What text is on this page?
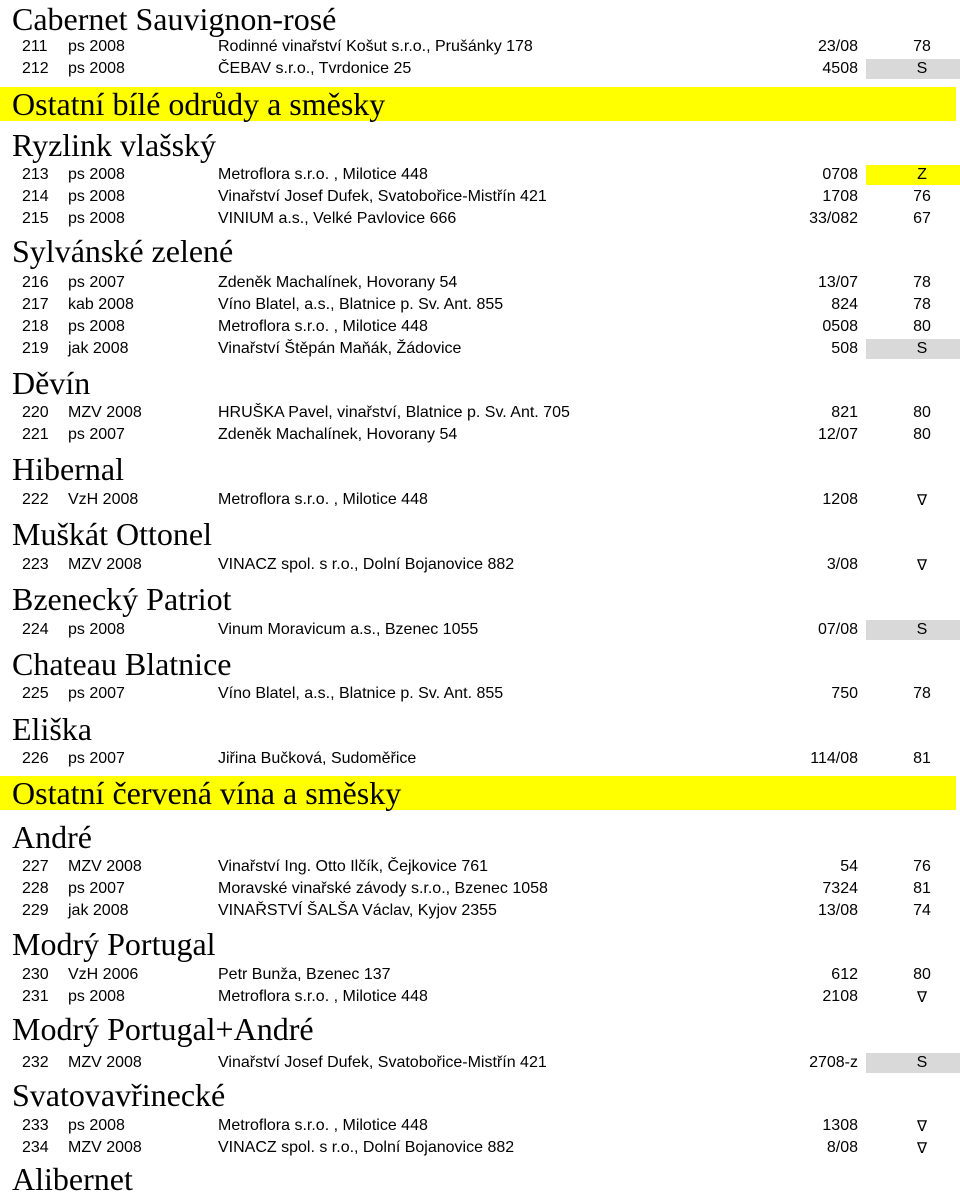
Cabernet Sauvignon-rosé
211 ps 2008	Rodinné vinařství Košut s.r.o., Prušánky 178	23/08	78
212 ps 2008	ČEBAV s.r.o., Tvrdonice 25	4508	S
Ostatní bílé odrůdy a směsky
Ryzlink vlašský
213 ps 2008	Metroflora s.r.o. , Milotice 448	0708	Z
214 ps 2008	Vinařství Josef Dufek, Svatobořice-Mistřín 421	1708	76
215 ps 2008	VINIUM a.s., Velké Pavlovice 666	33/082	67
Sylvánské zelené
216 ps 2007	Zdeněk Machalínek, Hovorany 54	13/07	78
217 kab 2008	Víno Blatel, a.s., Blatnice p. Sv. Ant. 855	824	78
218 ps 2008	Metroflora s.r.o. , Milotice 448	0508	80
219 jak 2008	Vinařství Štěpán Maňák, Žádovice	508	S
Děvín
220 MZV 2008	HRUŠKA Pavel, vinařství, Blatnice p. Sv. Ant. 705	821	80
221 ps 2007	Zdeněk Machalínek, Hovorany 54	12/07	80
Hibernal
222 VzH 2008	Metroflora s.r.o. , Milotice 448	1208	∇
Muškát Ottonel
223 MZV 2008	VINACZ spol. s r.o., Dolní Bojanovice 882	3/08	∇
Bzenecký Patriot
224 ps 2008	Vinum Moravicum a.s., Bzenec 1055	07/08	S
Chateau Blatnice
225 ps 2007	Víno Blatel, a.s., Blatnice p. Sv. Ant. 855	750	78
Eliška
226 ps 2007	Jiřina Bučková, Sudoměřice	114/08	81
Ostatní červená vína a směsky
André
227 MZV 2008	Vinařství Ing. Otto Ilčík, Čejkovice 761	54	76
228 ps 2007	Moravské vinařské závody s.r.o., Bzenec 1058	7324	81
229 jak 2008	VINAŘSTVÍ ŠALŠA Václav, Kyjov 2355	13/08	74
Modrý Portugal
230 VzH 2006	Petr Bunža, Bzenec 137	612	80
231 ps 2008	Metroflora s.r.o. , Milotice 448	2108	∇
Modrý Portugal+André
232 MZV 2008	Vinařství Josef Dufek, Svatobořice-Mistřín 421	2708-z	S
Svatovavřinecké
233 ps 2008	Metroflora s.r.o. , Milotice 448	1308	∇
234 MZV 2008	VINACZ spol. s r.o., Dolní Bojanovice 882	8/08	∇
Alibernet
